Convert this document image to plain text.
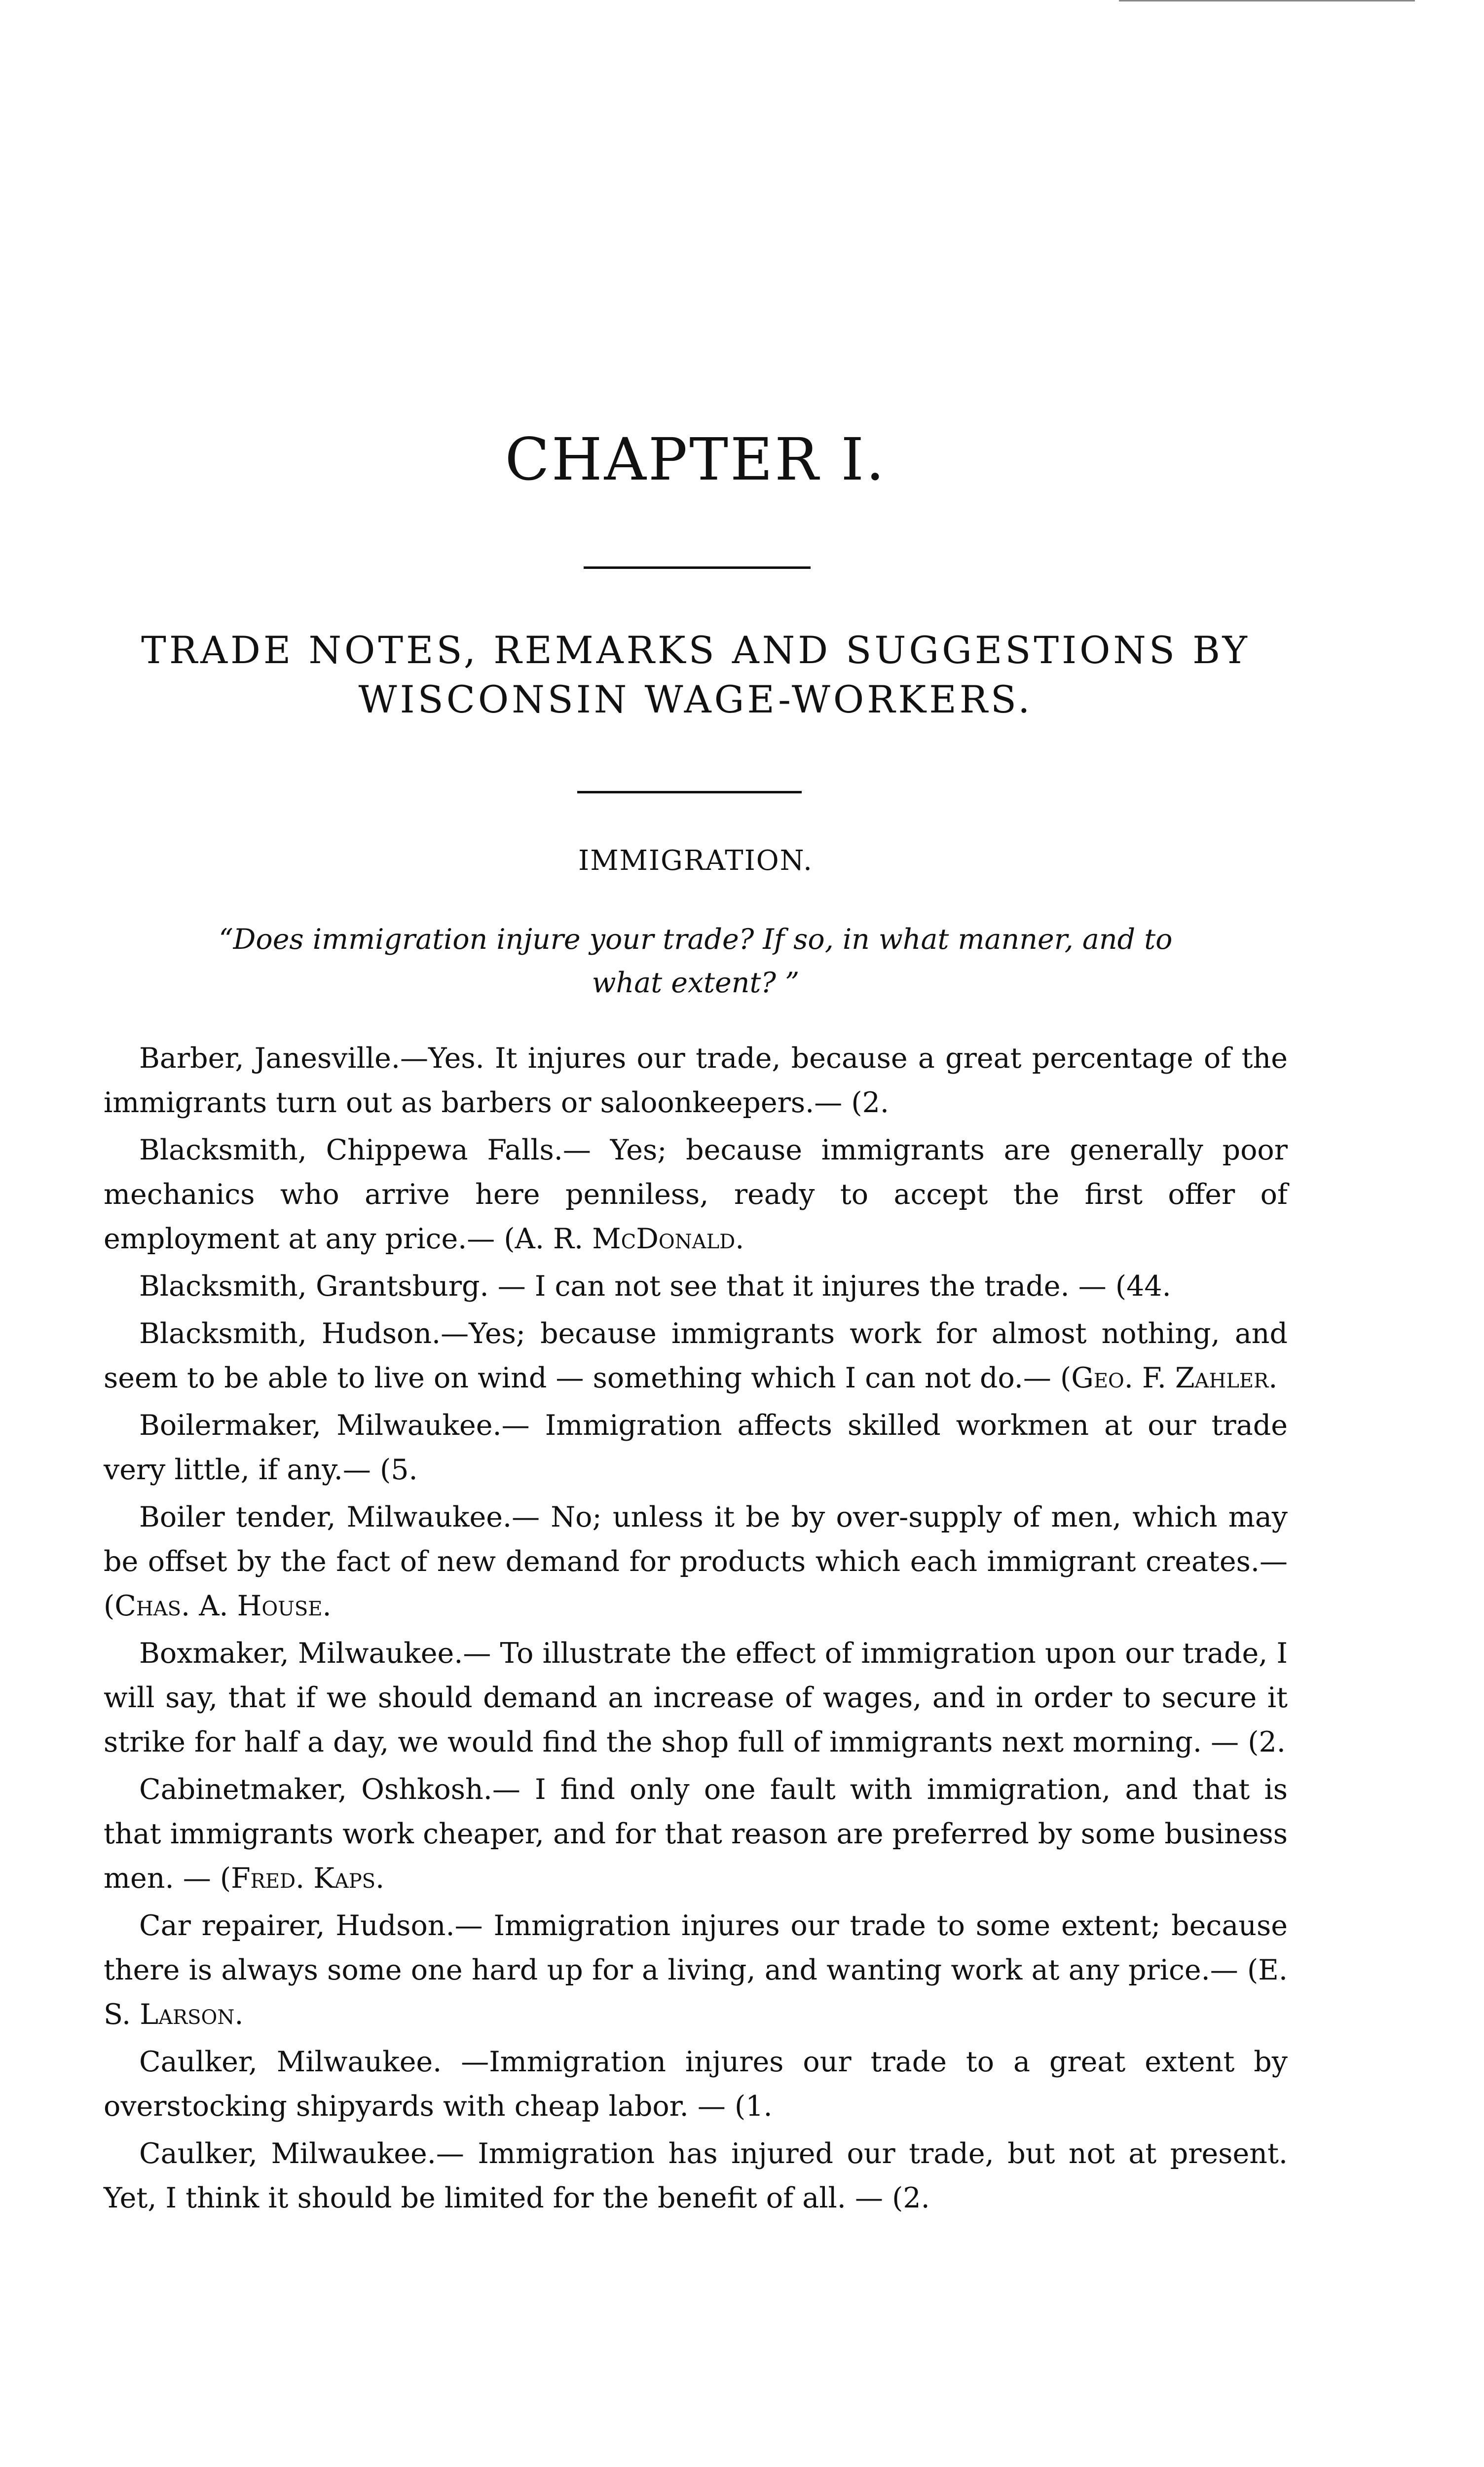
CHAPTER I.
TRADE NOTES, REMARKS AND SUGGESTIONS BY
WISCONSIN WAGE-WORKERS.
IMMIGRATION.

“Does immigration injure your trade? If so, in what manner, and to
what extent? ”

Barber, Janesville.—Yes. It injures our trade, because a great percentage of the immigrants turn out as barbers or saloonkeepers.— (2.

Blacksmith, Chippewa Falls.— Yes; because immigrants are generally poor mechanics who arrive here penniless, ready to accept the first offer of employment at any price.— (A. R. McDonald.

Blacksmith, Grantsburg. — I can not see that it injures the trade. — (44.

Blacksmith, Hudson.—Yes; because immigrants work for almost nothing, and seem to be able to live on wind — something which I can not do.— (Geo. F. Zahler.

Boilermaker, Milwaukee.— Immigration affects skilled workmen at our trade very little, if any.— (5.

Boiler tender, Milwaukee.— No; unless it be by over-supply of men, which may be offset by the fact of new demand for products which each immigrant creates.— (Chas. A. House.

Boxmaker, Milwaukee.— To illustrate the effect of immigration upon our trade, I will say, that if we should demand an increase of wages, and in order to secure it strike for half a day, we would find the shop full of immigrants next morning. — (2.

Cabinetmaker, Oshkosh.— I find only one fault with immigration, and that is that immigrants work cheaper, and for that reason are preferred by some business men. — (Fred. Kaps.

Car repairer, Hudson.— Immigration injures our trade to some extent; because there is always some one hard up for a living, and wanting work at any price.— (E. S. Larson.

Caulker, Milwaukee. —Immigration injures our trade to a great extent by overstocking shipyards with cheap labor. — (1.

Caulker, Milwaukee.— Immigration has injured our trade, but not at present. Yet, I think it should be limited for the benefit of all. — (2.
